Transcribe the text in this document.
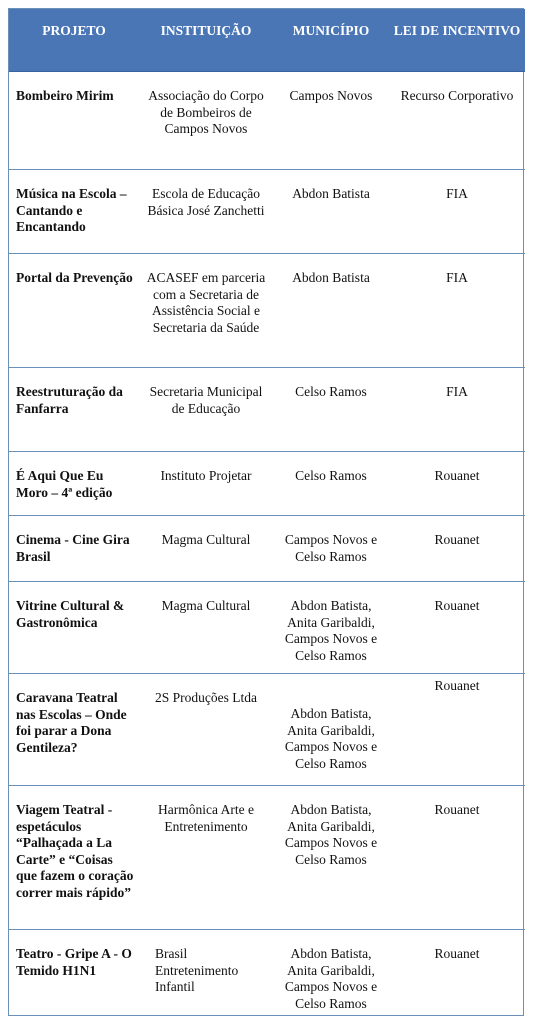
PROJETO	INSTITUIÇÃO	MUNICÍPIO	LEI DE INCENTIVO
Bombeiro Mirim	Associação do Corpo de Bombeiros de Campos Novos	Campos Novos	Recurso Corporativo
Música na Escola – Cantando e Encantando	Escola de Educação Básica José Zanchetti	Abdon Batista	FIA
Portal da Prevenção	ACASEF em parceria com a Secretaria de Assistência Social e Secretaria da Saúde	Abdon Batista	FIA
Reestruturação da Fanfarra	Secretaria Municipal de Educação	Celso Ramos	FIA
É Aqui Que Eu Moro – 4ª edição	Instituto Projetar	Celso Ramos	Rouanet
Cinema - Cine Gira Brasil	Magma Cultural	Campos Novos e Celso Ramos	Rouanet
Vitrine Cultural & Gastronômica	Magma Cultural	Abdon Batista, Anita Garibaldi, Campos Novos e Celso Ramos	Rouanet
Caravana Teatral nas Escolas – Onde foi parar a Dona Gentileza?	2S Produções Ltda	Abdon Batista, Anita Garibaldi, Campos Novos e Celso Ramos	Rouanet
Viagem Teatral - espetáculos “Palhaçada a La Carte” e “Coisas que fazem o coração correr mais rápido”	Harmônica Arte e Entretenimento	Abdon Batista, Anita Garibaldi, Campos Novos e Celso Ramos	Rouanet
Teatro - Gripe A - O Temido H1N1	Brasil Entretenimento Infantil	Abdon Batista, Anita Garibaldi, Campos Novos e Celso Ramos	Rouanet
